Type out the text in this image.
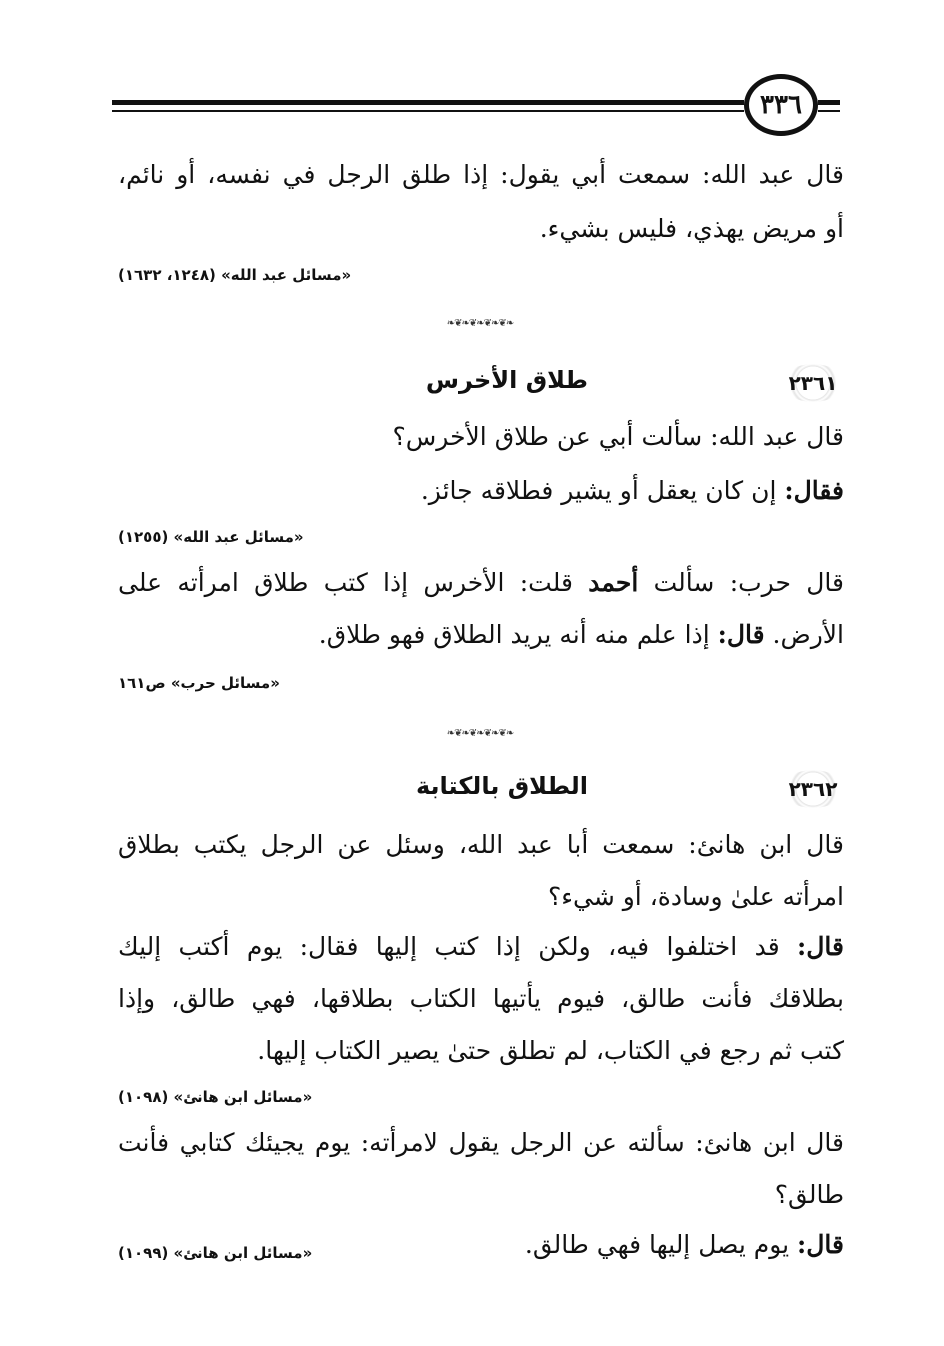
٣٣٦
قال عبد الله: سمعت أبي يقول: إذا طلق الرجل في نفسه، أو نائم،
أو مريض يهذي، فليس بشيء.
«مسائل عبد الله» (١٢٤٨، ١٦٣٢)
❧❦❧❦❧❦❧❦❧
٢٣٦١
طلاق الأخرس
قال عبد الله: سألت أبي عن طلاق الأخرس؟
فقال: إن كان يعقل أو يشير فطلاقه جائز.
«مسائل عبد الله» (١٢٥٥)
قال حرب: سألت أحمد قلت: الأخرس إذا كتب طلاق امرأته على
الأرض. قال: إذا علم منه أنه يريد الطلاق فهو طلاق.
«مسائل حرب» ص١٦١
❧❦❧❦❧❦❧❦❧
٢٣٦٢
الطلاق بالكتابة
قال ابن هانئ: سمعت أبا عبد الله، وسئل عن الرجل يكتب بطلاق
امرأته علىٰ وسادة، أو شيء؟
قال: قد اختلفوا فيه، ولكن إذا كتب إليها فقال: يوم أكتب إليك
بطلاقك فأنت طالق، فيوم يأتيها الكتاب بطلاقها، فهي طالق، وإذا
كتب ثم رجع في الكتاب، لم تطلق حتىٰ يصير الكتاب إليها.
«مسائل ابن هانئ» (١٠٩٨)
قال ابن هانئ: سألته عن الرجل يقول لامرأته: يوم يجيئك كتابي فأنت
طالق؟
قال: يوم يصل إليها فهي طالق.
«مسائل ابن هانئ» (١٠٩٩)
